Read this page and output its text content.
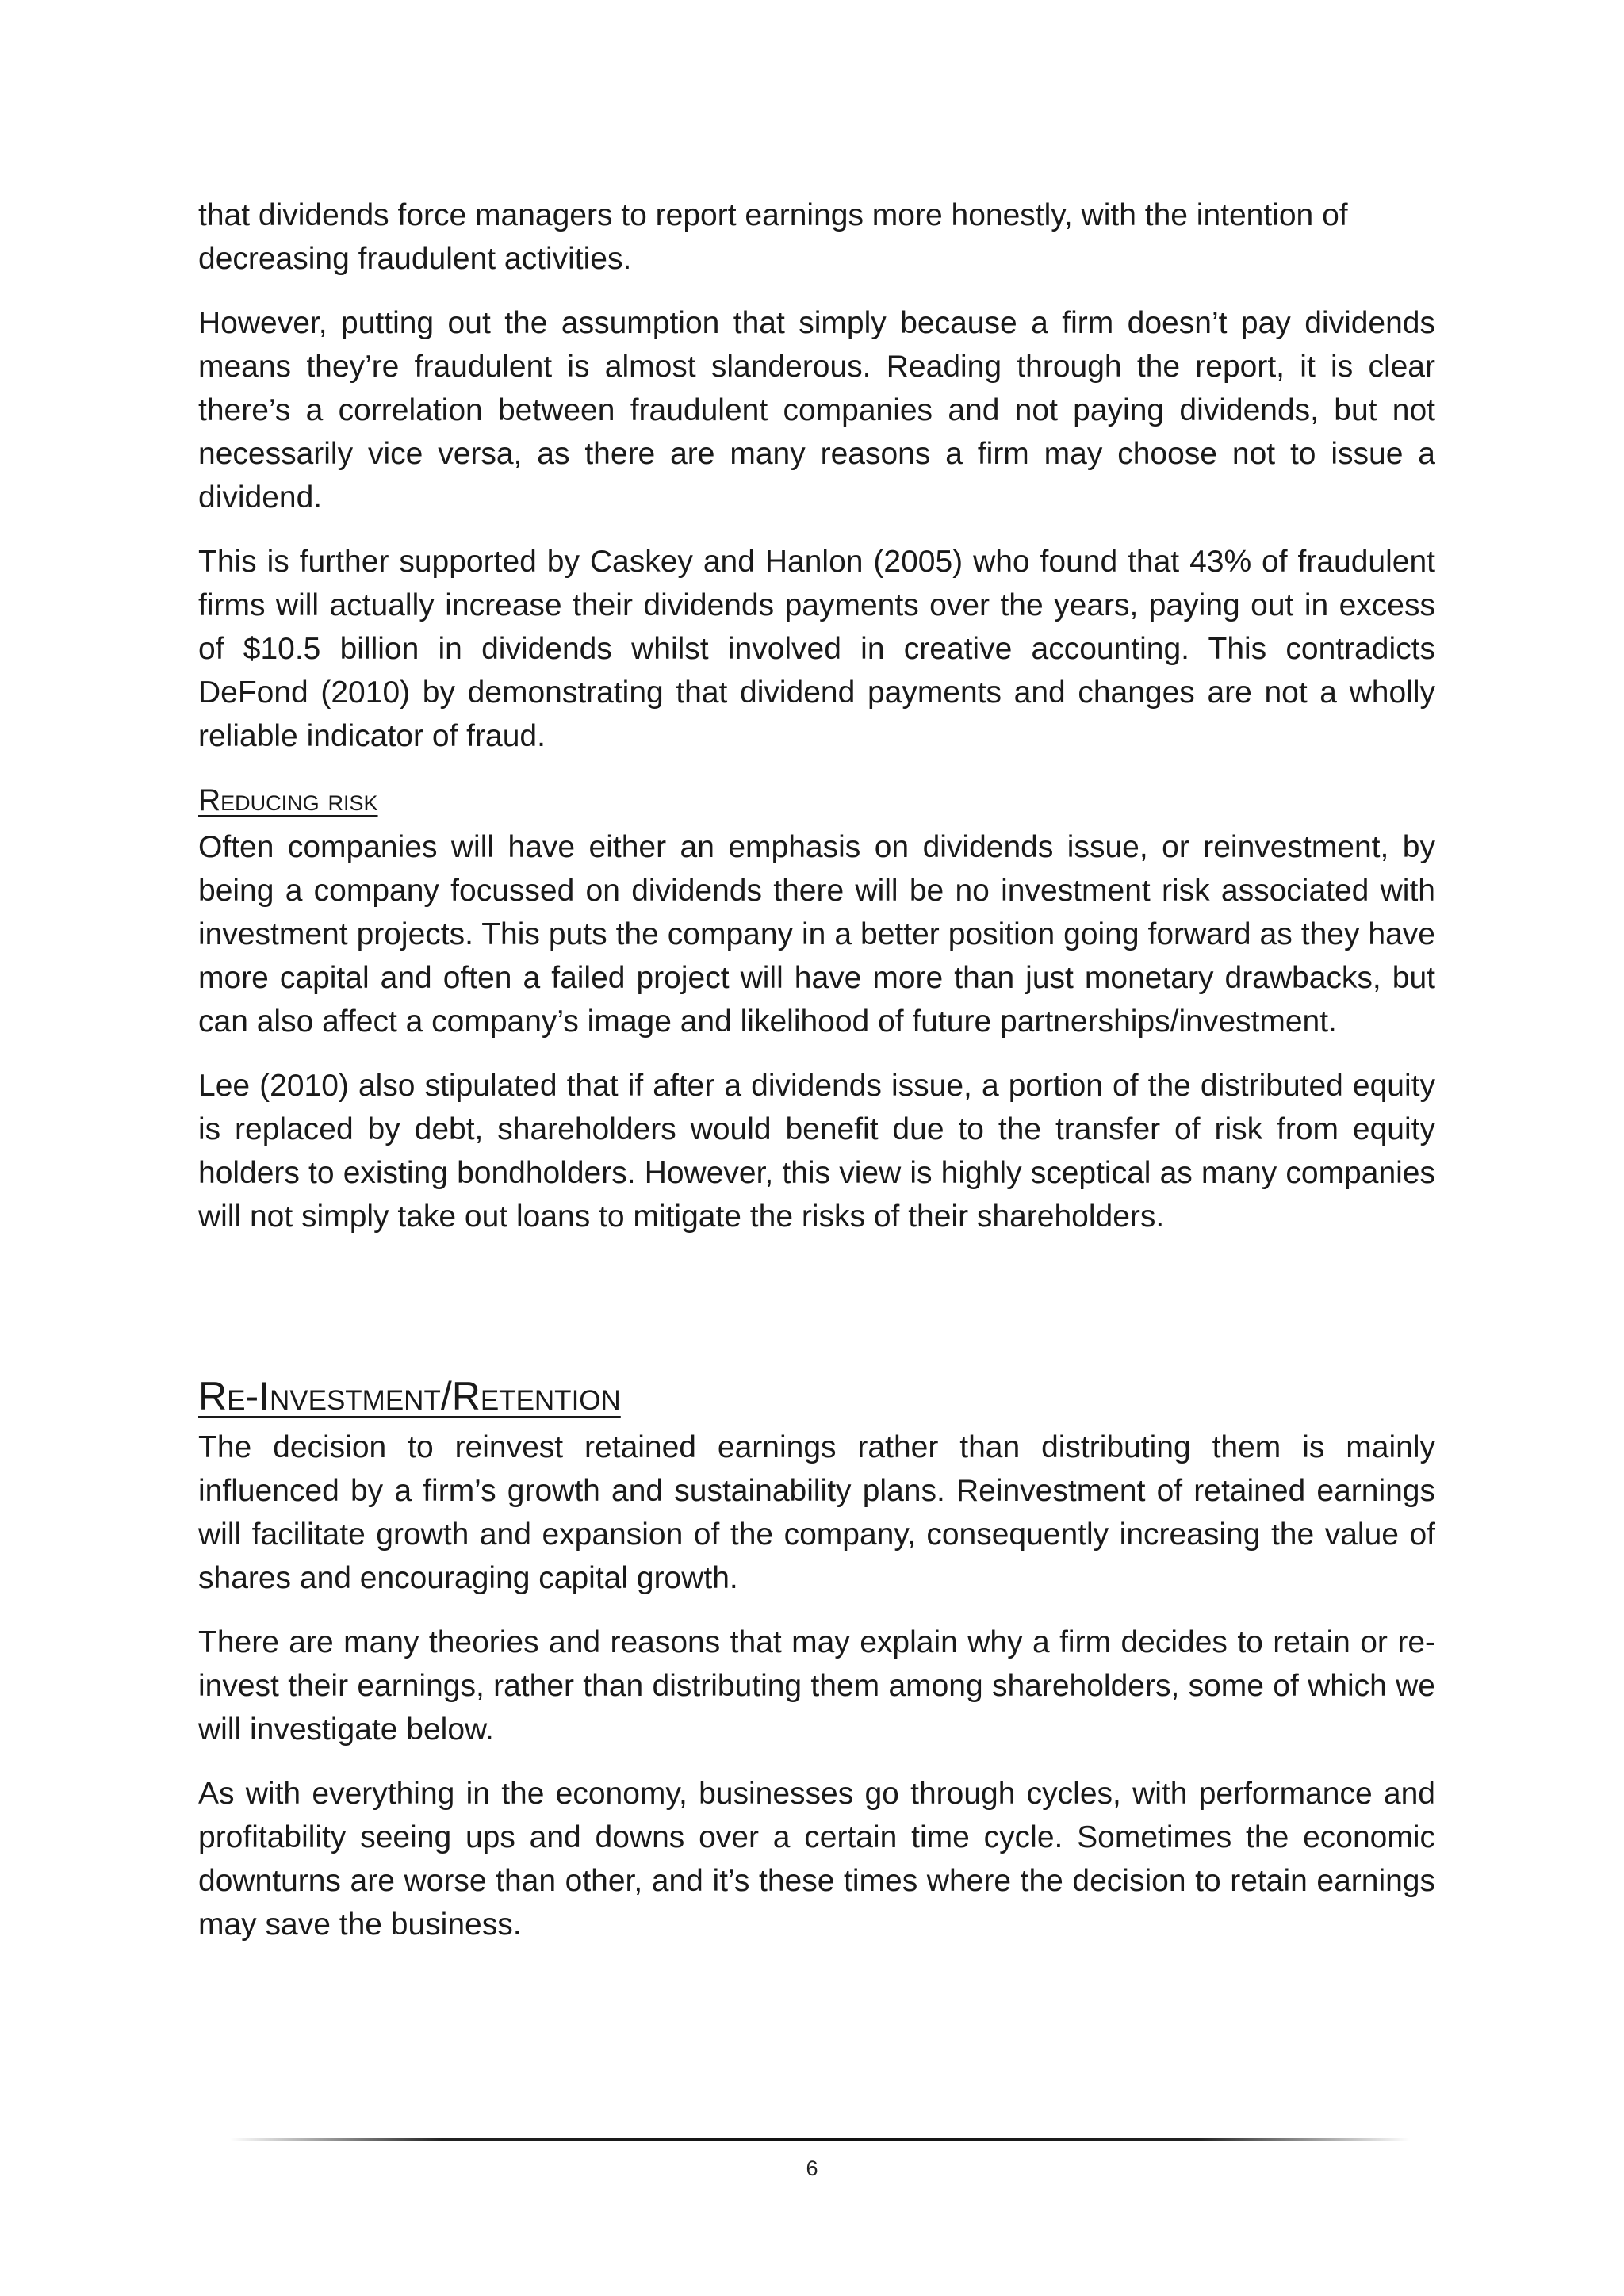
that dividends force managers to report earnings more honestly, with the intention of decreasing fraudulent activities.

However, putting out the assumption that simply because a firm doesn’t pay dividends means they’re fraudulent is almost slanderous. Reading through the report, it is clear there’s a correlation between fraudulent companies and not paying dividends, but not necessarily vice versa, as there are many reasons a firm may choose not to issue a dividend.

This is further supported by Caskey and Hanlon (2005) who found that 43% of fraudulent firms will actually increase their dividends payments over the years, paying out in excess of $10.5 billion in dividends whilst involved in creative accounting. This contradicts DeFond (2010) by demonstrating that dividend payments and changes are not a wholly reliable indicator of fraud.

Reducing risk

Often companies will have either an emphasis on dividends issue, or reinvestment, by being a company focussed on dividends there will be no investment risk associated with investment projects. This puts the company in a better position going forward as they have more capital and often a failed project will have more than just monetary drawbacks, but can also affect a company’s image and likelihood of future partnerships/investment.

Lee (2010) also stipulated that if after a dividends issue, a portion of the distributed equity is replaced by debt, shareholders would benefit due to the transfer of risk from equity holders to existing bondholders. However, this view is highly sceptical as many companies will not simply take out loans to mitigate the risks of their shareholders.

Re-Investment/Retention

The decision to reinvest retained earnings rather than distributing them is mainly influenced by a firm’s growth and sustainability plans. Reinvestment of retained earnings will facilitate growth and expansion of the company, consequently increasing the value of shares and encouraging capital growth.

There are many theories and reasons that may explain why a firm decides to retain or re-invest their earnings, rather than distributing them among shareholders, some of which we will investigate below.

As with everything in the economy, businesses go through cycles, with performance and profitability seeing ups and downs over a certain time cycle. Sometimes the economic downturns are worse than other, and it’s these times where the decision to retain earnings may save the business.

6
